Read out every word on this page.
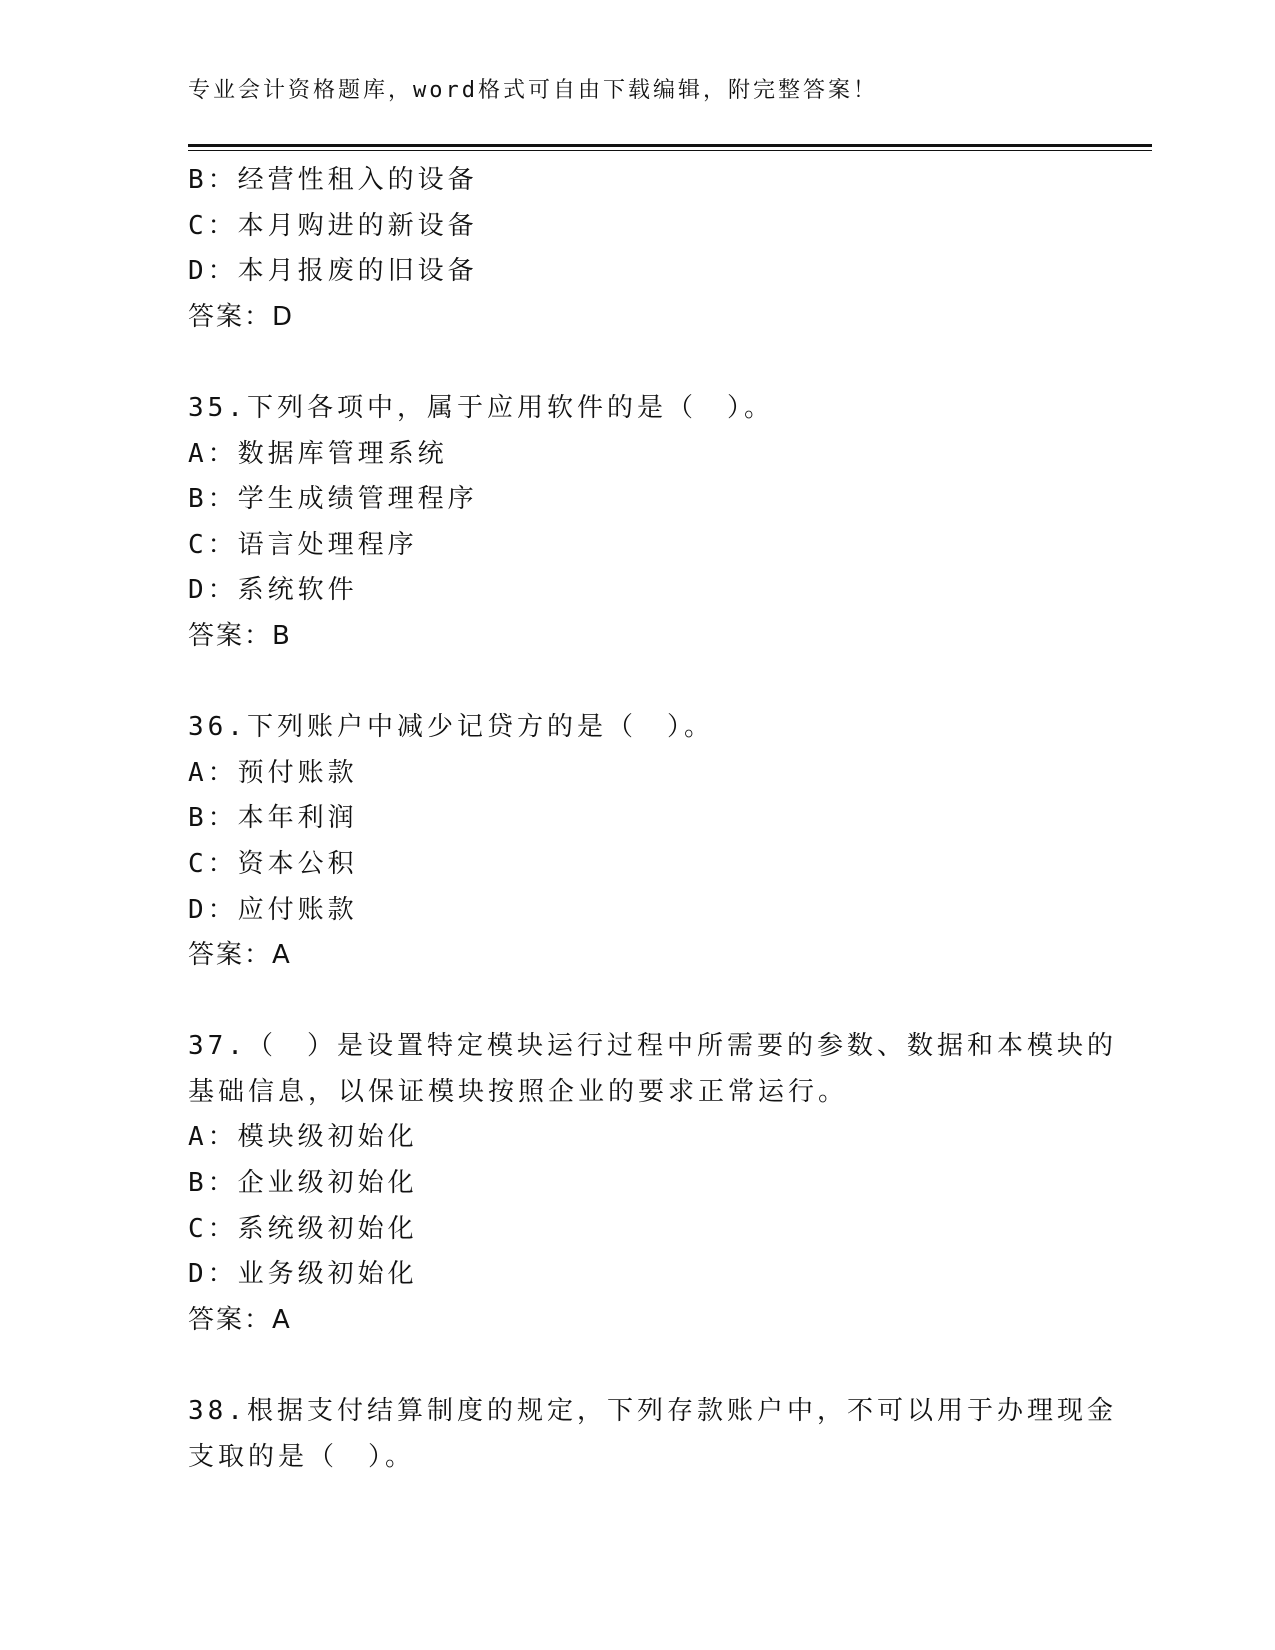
专业会计资格题库，word格式可自由下载编辑，附完整答案！
B：经营性租入的设备
C：本月购进的新设备
D：本月报废的旧设备
答案：D
35.下列各项中，属于应用软件的是（　）。
A：数据库管理系统
B：学生成绩管理程序
C：语言处理程序
D：系统软件
答案：B
36.下列账户中减少记贷方的是（　）。
A：预付账款
B：本年利润
C：资本公积
D：应付账款
答案：A
37.（　）是设置特定模块运行过程中所需要的参数、数据和本模块的
基础信息，以保证模块按照企业的要求正常运行。
A：模块级初始化
B：企业级初始化
C：系统级初始化
D：业务级初始化
答案：A
38.根据支付结算制度的规定，下列存款账户中，不可以用于办理现金
支取的是（　）。
